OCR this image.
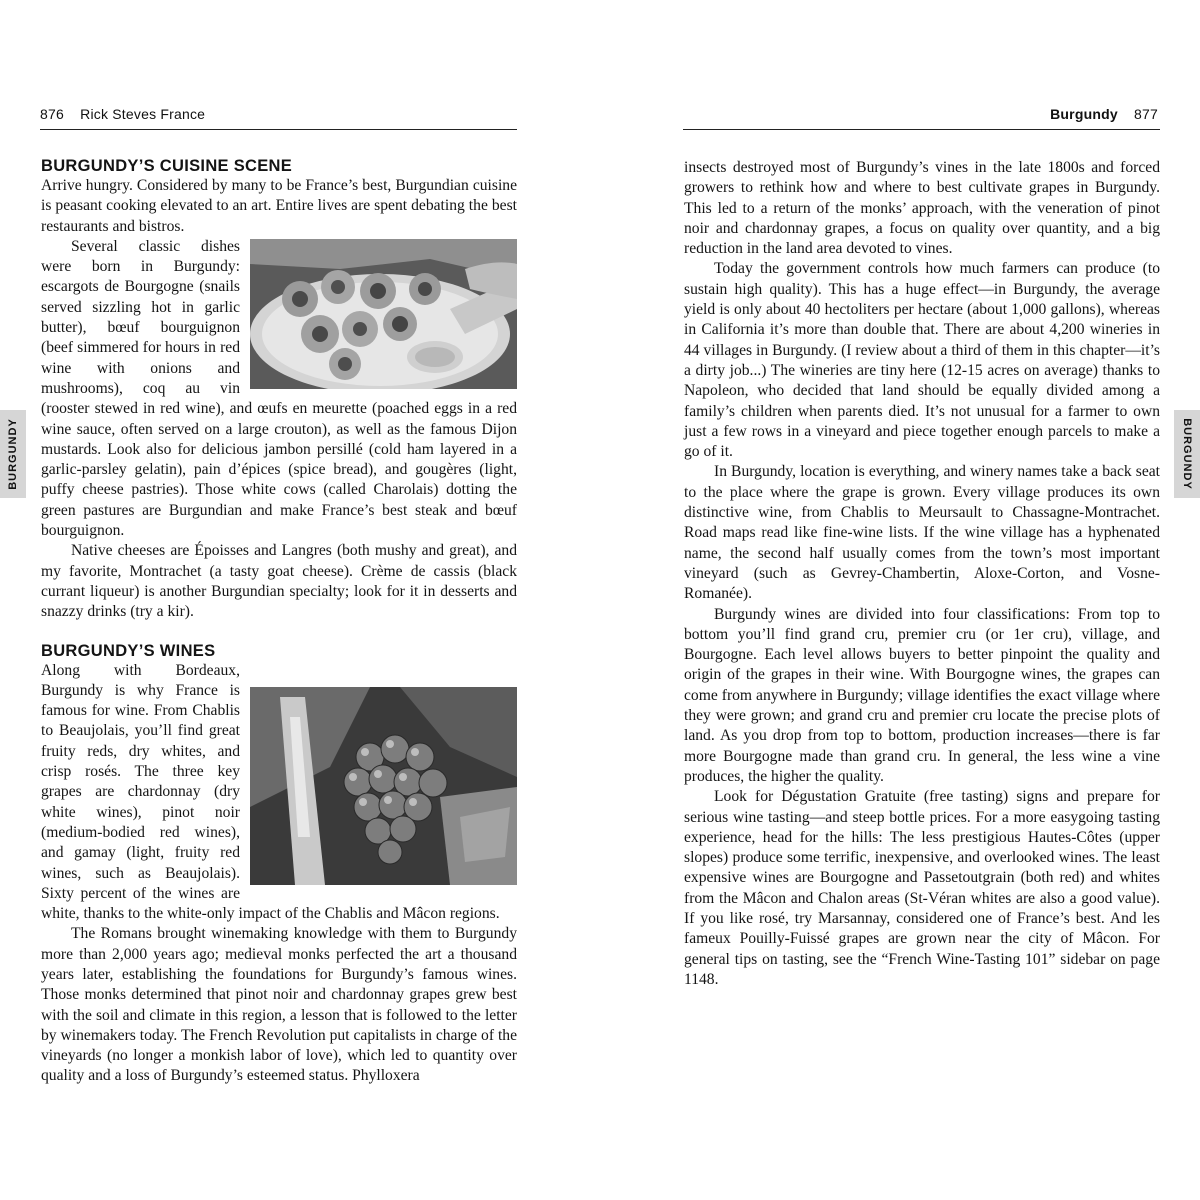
876 Rick Steves France
BURGUNDY
BURGUNDY’S CUISINE SCENE

Arrive hungry. Considered by many to be France’s best, Burgundian cuisine is peasant cooking elevated to an art. Entire lives are spent debating the best restaurants and bistros.

Several classic dishes were born in Burgundy: escargots de Bourgogne (snails served sizzling hot in garlic butter), bœuf bourguignon (beef simmered for hours in red wine with onions and mushrooms), coq au vin (rooster stewed in red wine), and œufs en meurette (poached eggs in a red wine sauce, often served on a large crouton), as well as the famous Dijon mustards. Look also for delicious jambon persillé (cold ham layered in a garlic-parsley gelatin), pain d’épices (spice bread), and gougères (light, puffy cheese pastries). Those white cows (called Charolais) dotting the green pastures are Burgundian and make France’s best steak and bœuf bourguignon.

Native cheeses are Époisses and Langres (both mushy and great), and my favorite, Montrachet (a tasty goat cheese). Crème de cassis (black currant liqueur) is another Burgundian specialty; look for it in desserts and snazzy drinks (try a kir).

BURGUNDY’S WINES

Along with Bordeaux, Burgundy is why France is famous for wine. From Chablis to Beaujolais, you’ll find great fruity reds, dry whites, and crisp rosés. The three key grapes are chardonnay (dry white wines), pinot noir (medium-bodied red wines), and gamay (light, fruity red wines, such as Beaujolais). Sixty percent of the wines are white, thanks to the white-only impact of the Chablis and Mâcon regions.

The Romans brought winemaking knowledge with them to Burgundy more than 2,000 years ago; medieval monks perfected the art a thousand years later, establishing the foundations for Burgundy’s famous wines. Those monks determined that pinot noir and chardonnay grapes grew best with the soil and climate in this region, a lesson that is followed to the letter by winemakers today. The French Revolution put capitalists in charge of the vineyards (no longer a monkish labor of love), which led to quantity over quality and a loss of Burgundy’s esteemed status. Phylloxera

Burgundy 877
BURGUNDY

insects destroyed most of Burgundy’s vines in the late 1800s and forced growers to rethink how and where to best cultivate grapes in Burgundy. This led to a return of the monks’ approach, with the veneration of pinot noir and chardonnay grapes, a focus on quality over quantity, and a big reduction in the land area devoted to vines.

Today the government controls how much farmers can produce (to sustain high quality). This has a huge effect—in Burgundy, the average yield is only about 40 hectoliters per hectare (about 1,000 gallons), whereas in California it’s more than double that. There are about 4,200 wineries in 44 villages in Burgundy. (I review about a third of them in this chapter—it’s a dirty job...) The wineries are tiny here (12-15 acres on average) thanks to Napoleon, who decided that land should be equally divided among a family’s children when parents died. It’s not unusual for a farmer to own just a few rows in a vineyard and piece together enough parcels to make a go of it.

In Burgundy, location is everything, and winery names take a back seat to the place where the grape is grown. Every village produces its own distinctive wine, from Chablis to Meursault to Chassagne-Montrachet. Road maps read like fine-wine lists. If the wine village has a hyphenated name, the second half usually comes from the town’s most important vineyard (such as Gevrey-Chambertin, Aloxe-Corton, and Vosne-Romanée).

Burgundy wines are divided into four classifications: From top to bottom you’ll find grand cru, premier cru (or 1er cru), village, and Bourgogne. Each level allows buyers to better pinpoint the quality and origin of the grapes in their wine. With Bourgogne wines, the grapes can come from anywhere in Burgundy; village identifies the exact village where they were grown; and grand cru and premier cru locate the precise plots of land. As you drop from top to bottom, production increases—there is far more Bourgogne made than grand cru. In general, the less wine a vine produces, the higher the quality.

Look for Dégustation Gratuite (free tasting) signs and prepare for serious wine tasting—and steep bottle prices. For a more easygoing tasting experience, head for the hills: The less prestigious Hautes-Côtes (upper slopes) produce some terrific, inexpensive, and overlooked wines. The least expensive wines are Bourgogne and Passetoutgrain (both red) and whites from the Mâcon and Chalon areas (St-Véran whites are also a good value). If you like rosé, try Marsannay, considered one of France’s best. And les fameux Pouilly-Fuissé grapes are grown near the city of Mâcon. For general tips on tasting, see the “French Wine-Tasting 101” sidebar on page 1148.
